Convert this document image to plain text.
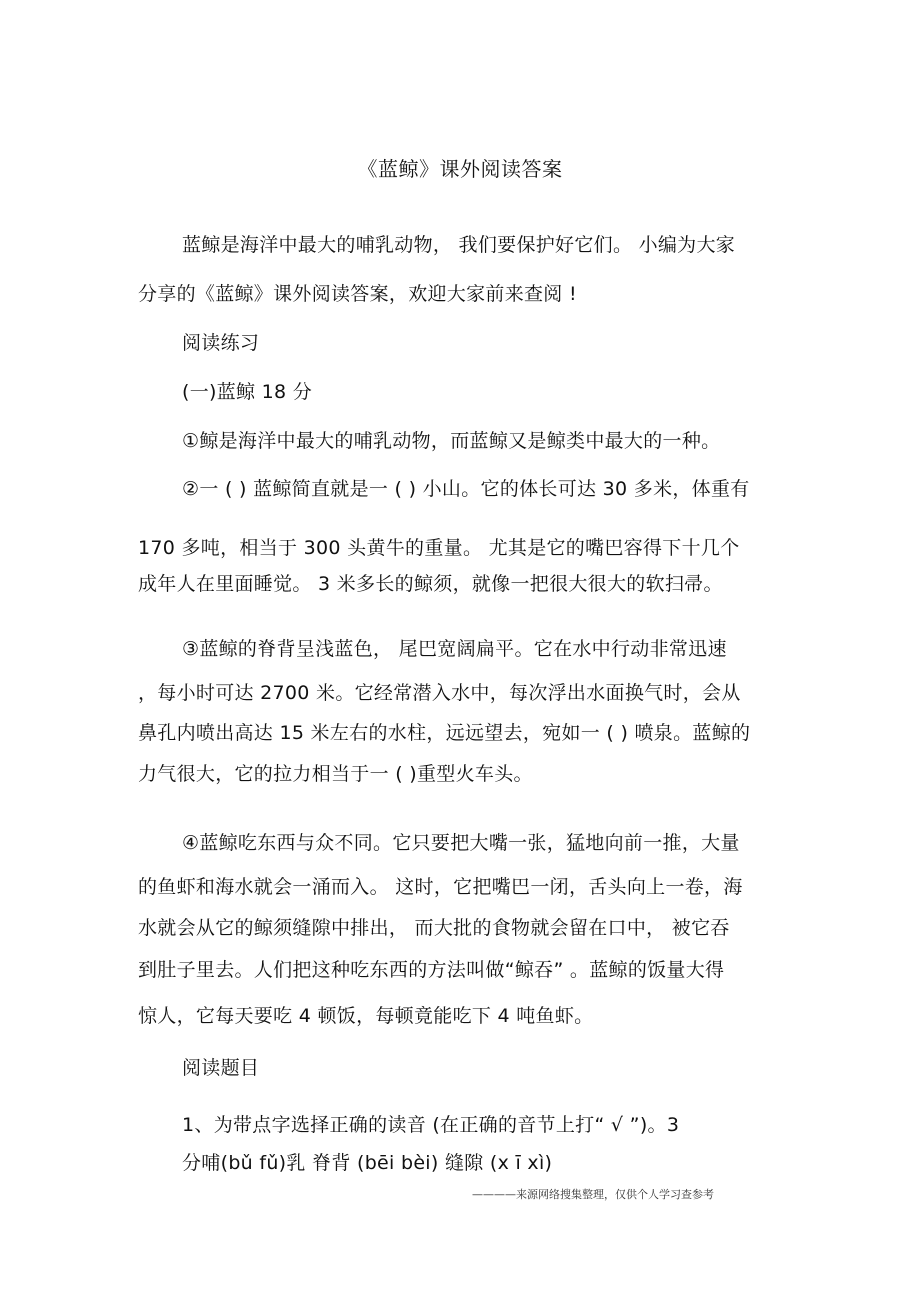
《蓝鲸》课外阅读答案
蓝鲸是海洋中最大的哺乳动物， 我们要保护好它们。 小编为大家
分享的《蓝鲸》课外阅读答案，欢迎大家前来查阅 !
阅读练习
(一)蓝鲸 18 分
①鲸是海洋中最大的哺乳动物，而蓝鲸又是鲸类中最大的一种。
②一 ( ) 蓝鲸简直就是一 ( ) 小山。它的体长可达 30 多米，体重有
170 多吨，相当于 300 头黄牛的重量。 尤其是它的嘴巴容得下十几个
成年人在里面睡觉。 3 米多长的鲸须，就像一把很大很大的软扫帚。
③蓝鲸的脊背呈浅蓝色， 尾巴宽阔扁平。它在水中行动非常迅速
，每小时可达 2700 米。它经常潜入水中，每次浮出水面换气时，会从
鼻孔内喷出高达 15 米左右的水柱，远远望去，宛如一 ( ) 喷泉。蓝鲸的
力气很大，它的拉力相当于一 ( )重型火车头。
④蓝鲸吃东西与众不同。它只要把大嘴一张，猛地向前一推，大量
的鱼虾和海水就会一涌而入。 这时，它把嘴巴一闭，舌头向上一卷，海
水就会从它的鲸须缝隙中排出， 而大批的食物就会留在口中， 被它吞
到肚子里去。人们把这种吃东西的方法叫做“鲸吞” 。蓝鲸的饭量大得
惊人，它每天要吃 4 顿饭，每顿竟能吃下 4 吨鱼虾。
阅读题目
1、为带点字选择正确的读音 (在正确的音节上打“ √ ”)。3
分哺(bǔ fǔ)乳 脊背 (bēi bèi) 缝隙 (x ī xì)
————来源网络搜集整理，仅供个人学习查参考
